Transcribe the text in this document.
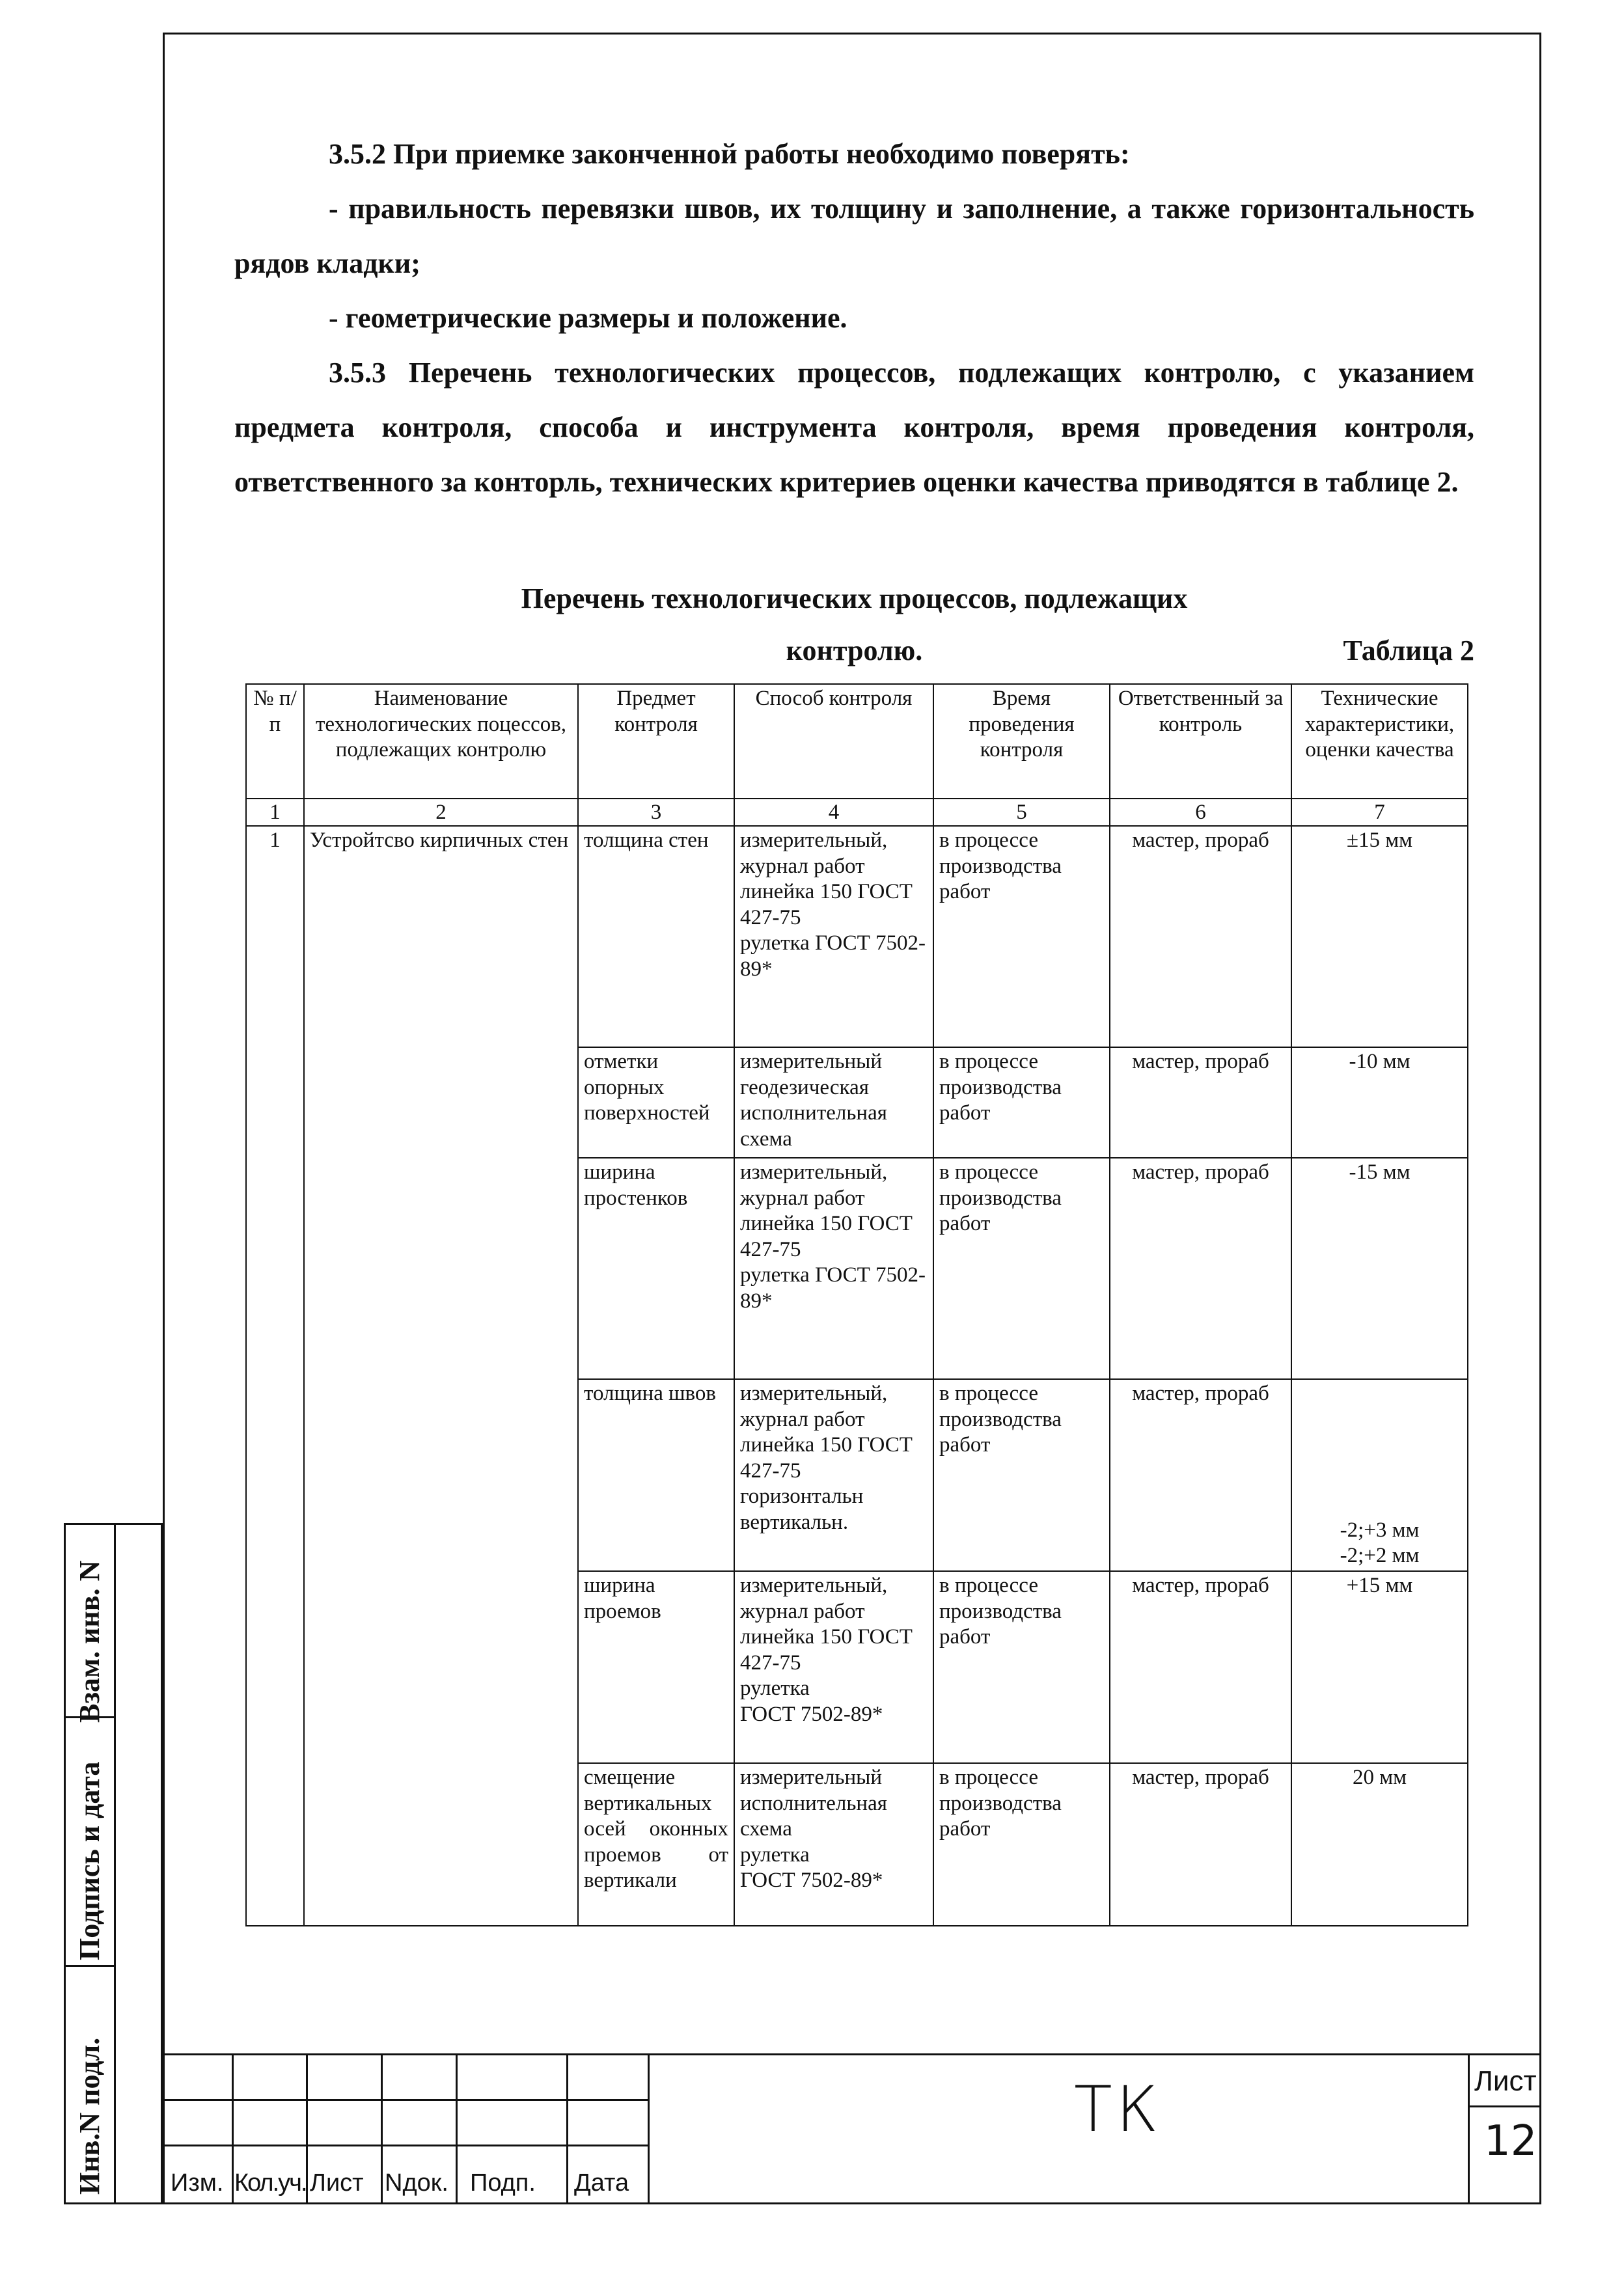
3.5.2 При приемке законченной работы необходимо поверять:

- правильность перевязки швов, их толщину и заполнение, а также горизонтальность рядов кладки;

- геометрические размеры и положение.

3.5.3 Перечень технологических процессов, подлежащих контролю, с указанием предмета контроля, способа и инструмента контроля, время проведения контроля, ответственного за конторль, технических критериев оценки качества приводятся в таблице 2.

Перечень технологических процессов, подлежащих
контролю.	Таблица 2
№ п/п	Наименование технологических поцессов, подлежащих контролю	Предмет контроля	Способ контроля	Время проведения контроля	Ответственный за контроль	Технические характеристики, оценки качества
1	2	3	4	5	6	7
1	Устройтсво кирпичных стен	толщина стен	измерительный, журнал работ
линейка 150 ГОСТ 427-75
рулетка ГОСТ 7502-89*	в процессе производства работ	мастер, прораб	±15 мм
		отметки опорных поверхностей	измерительный геодезическая исполнительная схема	в процессе производства работ	мастер, прораб	-10 мм
		ширина простенков	измерительный, журнал работ
линейка 150 ГОСТ 427-75
рулетка ГОСТ 7502-89*	в процессе производства работ	мастер, прораб	-15 мм
		толщина швов	измерительный, журнал работ
линейка 150 ГОСТ 427-75
горизонтальн
вертикальн.	в процессе производства работ	мастер, прораб	-2;+3 мм
-2;+2 мм

		ширина проемов	измерительный, журнал работ
линейка 150 ГОСТ 427-75
рулетка
ГОСТ 7502-89*	в процессе производства работ	мастер, прораб	+15 мм
		смещение вертикальных осей оконных проемов от вертикали	измерительный исполнительная схема
рулетка
ГОСТ 7502-89*	в процессе производства работ	мастер, прораб	20 мм
Взам. инв. N
Подпись и дата
Инв.N подл.	Изм. Кол.уч. Лист Nдок. Подп. Дата
ТК	Лист
12
